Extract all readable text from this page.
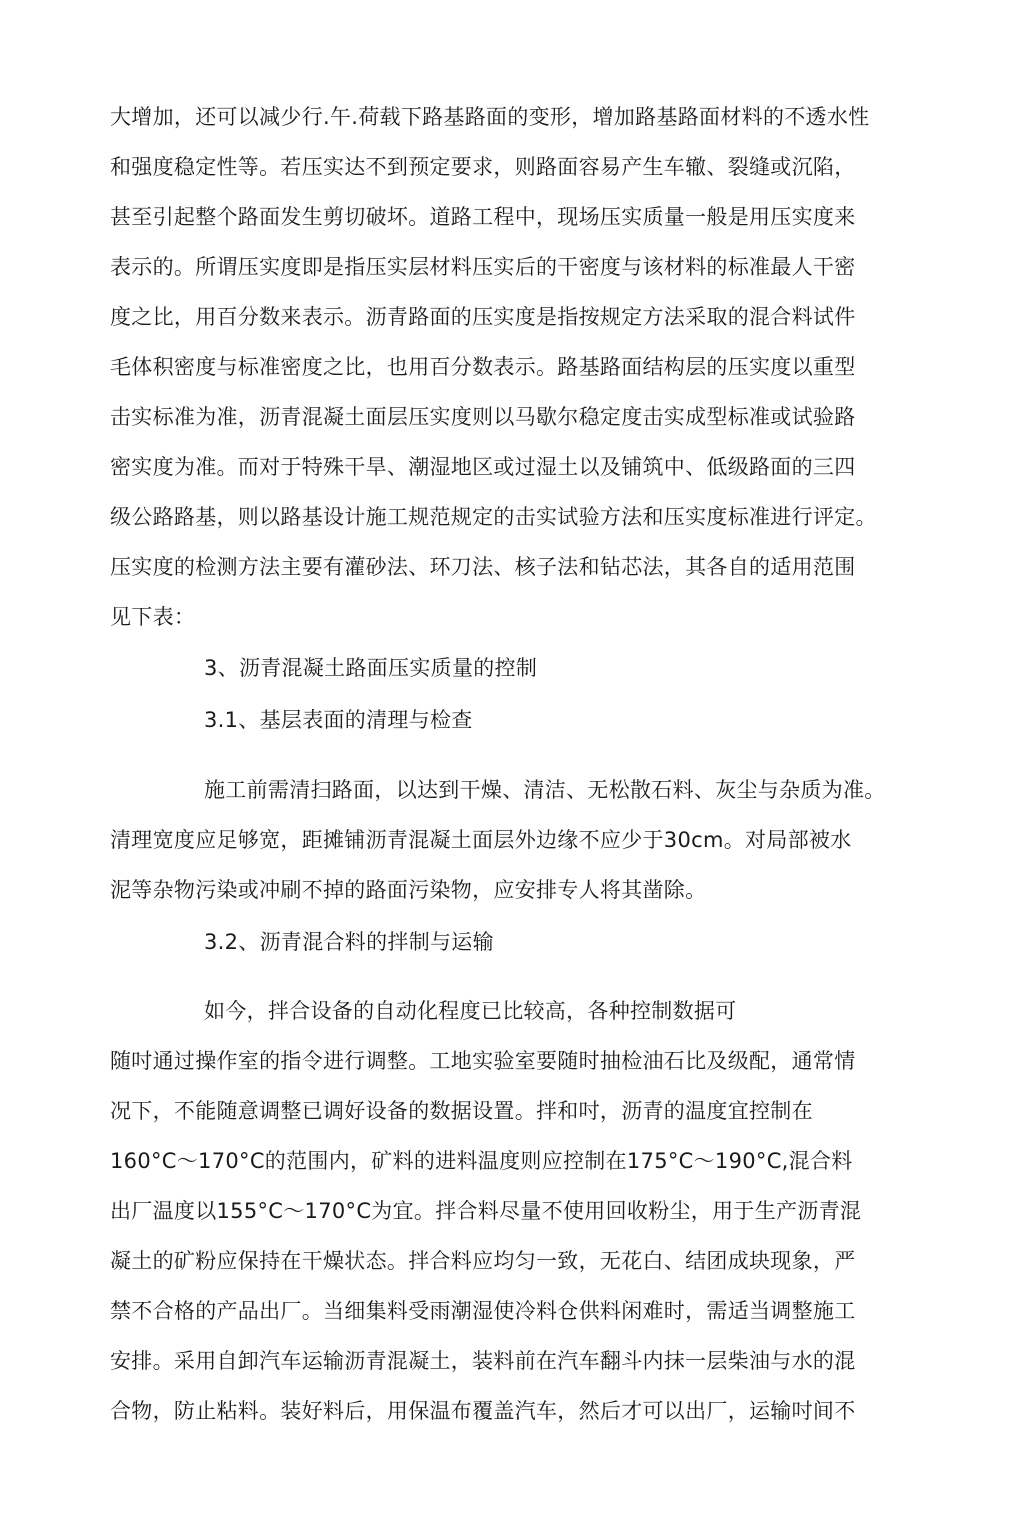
大增加，还可以减少行.午.荷载下路基路面的变形，增加路基路面材料的不透水性
和强度稳定性等。若压实达不到预定要求，则路面容易产生车辙、裂缝或沉陷，
甚至引起整个路面发生剪切破坏。道路工程中，现场压实质量一般是用压实度来
表示的。所谓压实度即是指压实层材料压实后的干密度与该材料的标准最人干密
度之比，用百分数来表示。沥青路面的压实度是指按规定方法采取的混合料试件
毛体积密度与标准密度之比，也用百分数表示。路基路面结构层的压实度以重型
击实标准为准，沥青混凝土面层压实度则以马歇尔稳定度击实成型标准或试验路
密实度为准。而对于特殊干旱、潮湿地区或过湿土以及铺筑中、低级路面的三四
级公路路基，则以路基设计施工规范规定的击实试验方法和压实度标准进行评定。
压实度的检测方法主要有灌砂法、环刀法、核子法和钻芯法，其各自的适用范围
见下表：
3、沥青混凝土路面压实质量的控制
3.1、基层表面的清理与检查
施工前需清扫路面，以达到干燥、清洁、无松散石料、灰尘与杂质为准。
清理宽度应足够宽，距摊铺沥青混凝土面层外边缘不应少于30cm。对局部被水
泥等杂物污染或冲刷不掉的路面污染物，应安排专人将其凿除。
3.2、沥青混合料的拌制与运输
如今，拌合设备的自动化程度已比较高，各种控制数据可
随吋通过操作室的指令进行调整。工地实验室要随时抽检油石比及级配，通常情
况下，不能随意调整已调好设备的数据设置。拌和吋，沥青的温度宜控制在
160°C～170°C的范围内，矿料的进料温度则应控制在175°C～190°C,混合料
出厂温度以155°C～170°C为宜。拌合料尽量不使用回收粉尘，用于生产沥青混
凝土的矿粉应保持在干燥状态。拌合料应均匀一致，无花白、结团成块现象，严
禁不合格的产品出厂。当细集料受雨潮湿使冷料仓供料闲难时，需适当调整施工
安排。采用自卸汽车运输沥青混凝土，装料前在汽车翻斗内抹一层柴油与水的混
合物，防止粘料。装好料后，用保温布覆盖汽车，然后才可以出厂，运输吋间不
